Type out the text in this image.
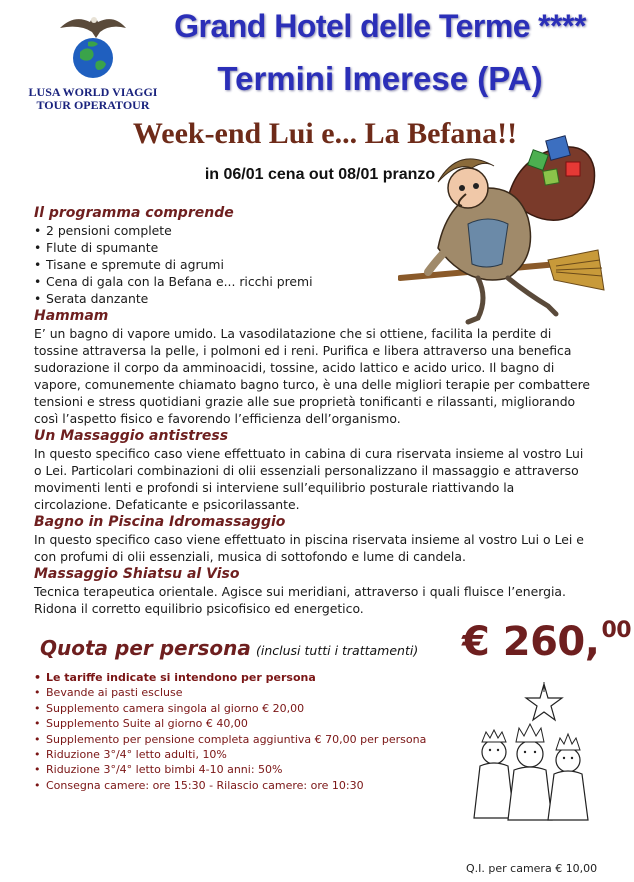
LUSA WORLD VIAGGI
TOUR OPERATOUR
Grand Hotel delle Terme ****
Termini Imerese (PA)
Week-end Lui e... La Befana!!
in 06/01 cena out 08/01 pranzo
Il programma comprende
• 2 pensioni complete
• Flute di spumante
• Tisane e spremute di agrumi
• Cena di gala con la Befana e... ricchi premi
• Serata danzante
Hammam

E’ un bagno di vapore umido. La vasodilatazione che si ottiene, facilita la perdite di tossine attraversa la pelle, i polmoni ed i reni. Purifica e libera attraverso una benefica sudorazione il corpo da amminoacidi, tossine, acido lattico e acido urico. Il bagno di vapore, comunemente chiamato bagno turco, è una delle migliori terapie per combattere tensioni e stress quotidiani grazie alle sue proprietà tonificanti e rilassanti, migliorando così l’aspetto fisico e favorendo l’efficienza dell’organismo.

Un Massaggio antistress

In questo specifico caso viene effettuato in cabina di cura riservata insieme al vostro Lui o Lei. Particolari combinazioni di olii essenziali personalizzano il massaggio e attraverso movimenti lenti e profondi si interviene sull’equilibrio posturale riattivando la circolazione. Defaticante e psicorilassante.

Bagno in Piscina Idromassaggio

In questo specifico caso viene effettuato in piscina riservata insieme al vostro Lui o Lei e con profumi di olii essenziali, musica di sottofondo e lume di candela.

Massaggio Shiatsu al Viso

Tecnica terapeutica orientale. Agisce sui meridiani, attraverso i quali fluisce l’energia. Ridona il corretto equilibrio psicofisico ed energetico.

Quota per persona (inclusi tutti i trattamenti) € 260,00
• Le tariffe indicate si intendono per persona
• Bevande ai pasti escluse
• Supplemento camera singola al giorno € 20,00
• Supplemento Suite al giorno € 40,00
• Supplemento per pensione completa aggiuntiva € 70,00 per persona
• Riduzione 3°/4° letto adulti, 10%
• Riduzione 3°/4° letto bimbi 4-10 anni: 50%
• Consegna camere: ore 15:30 - Rilascio camere: ore 10:30
Q.I. per camera € 10,00
